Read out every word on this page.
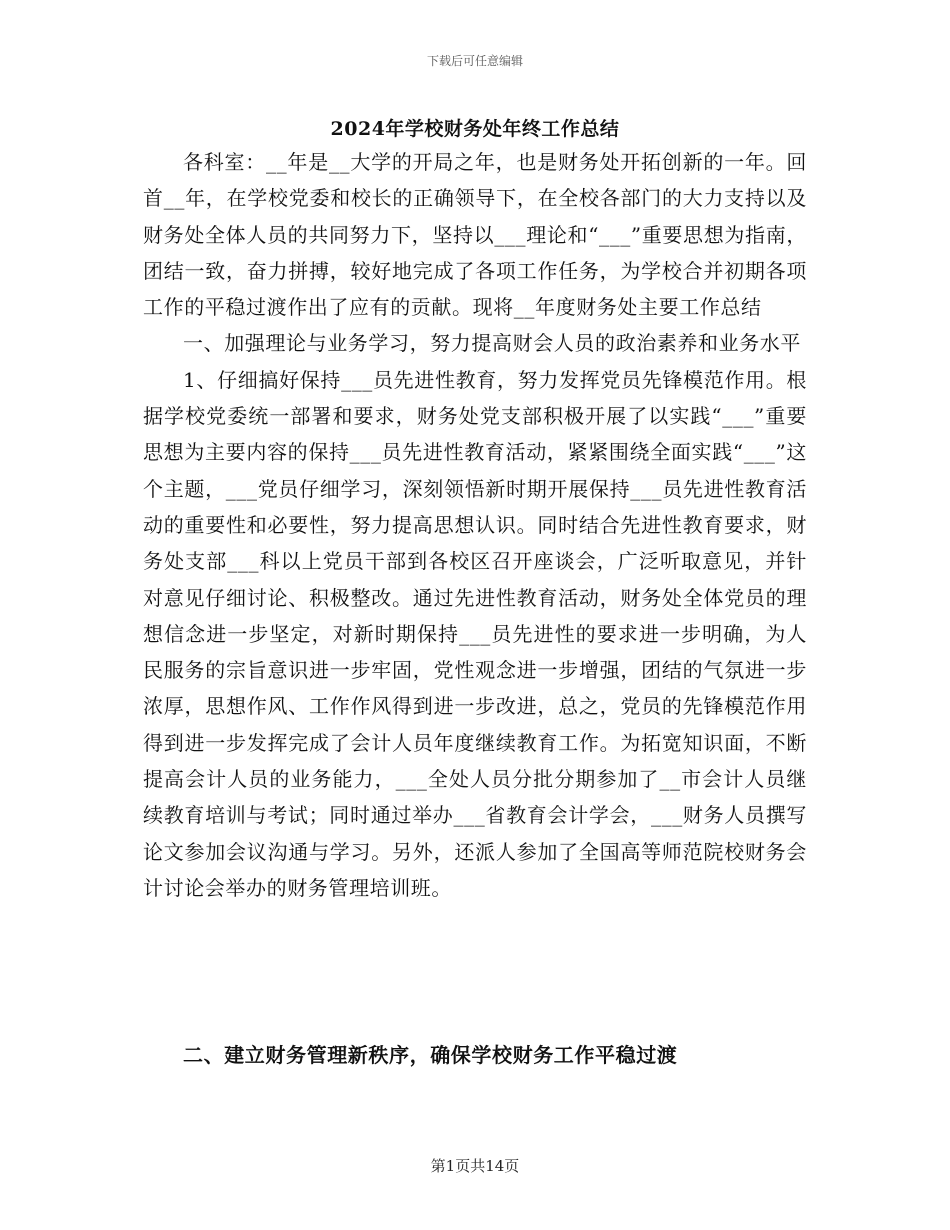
下载后可任意编辑
2024年学校财务处年终工作总结

各科室：__年是__大学的开局之年，也是财务处开拓创新的一年。回首__年，在学校党委和校长的正确领导下，在全校各部门的大力支持以及财务处全体人员的共同努力下，坚持以___理论和“___”重要思想为指南，团结一致，奋力拼搏，较好地完成了各项工作任务，为学校合并初期各项工作的平稳过渡作出了应有的贡献。现将__年度财务处主要工作总结

一、加强理论与业务学习，努力提高财会人员的政治素养和业务水平

1、仔细搞好保持___员先进性教育，努力发挥党员先锋模范作用。根据学校党委统一部署和要求，财务处党支部积极开展了以实践“___”重要思想为主要内容的保持___员先进性教育活动，紧紧围绕全面实践“___”这个主题，___党员仔细学习，深刻领悟新时期开展保持___员先进性教育活动的重要性和必要性，努力提高思想认识。同时结合先进性教育要求，财务处支部___科以上党员干部到各校区召开座谈会，广泛听取意见，并针对意见仔细讨论、积极整改。通过先进性教育活动，财务处全体党员的理想信念进一步坚定，对新时期保持___员先进性的要求进一步明确，为人民服务的宗旨意识进一步牢固，党性观念进一步增强，团结的气氛进一步浓厚，思想作风、工作作风得到进一步改进，总之，党员的先锋模范作用得到进一步发挥完成了会计人员年度继续教育工作。为拓宽知识面，不断提高会计人员的业务能力，___全处人员分批分期参加了__市会计人员继续教育培训与考试；同时通过举办___省教育会计学会，___财务人员撰写论文参加会议沟通与学习。另外，还派人参加了全国高等师范院校财务会计讨论会举办的财务管理培训班。

二、建立财务管理新秩序，确保学校财务工作平稳过渡

第1页共14页
